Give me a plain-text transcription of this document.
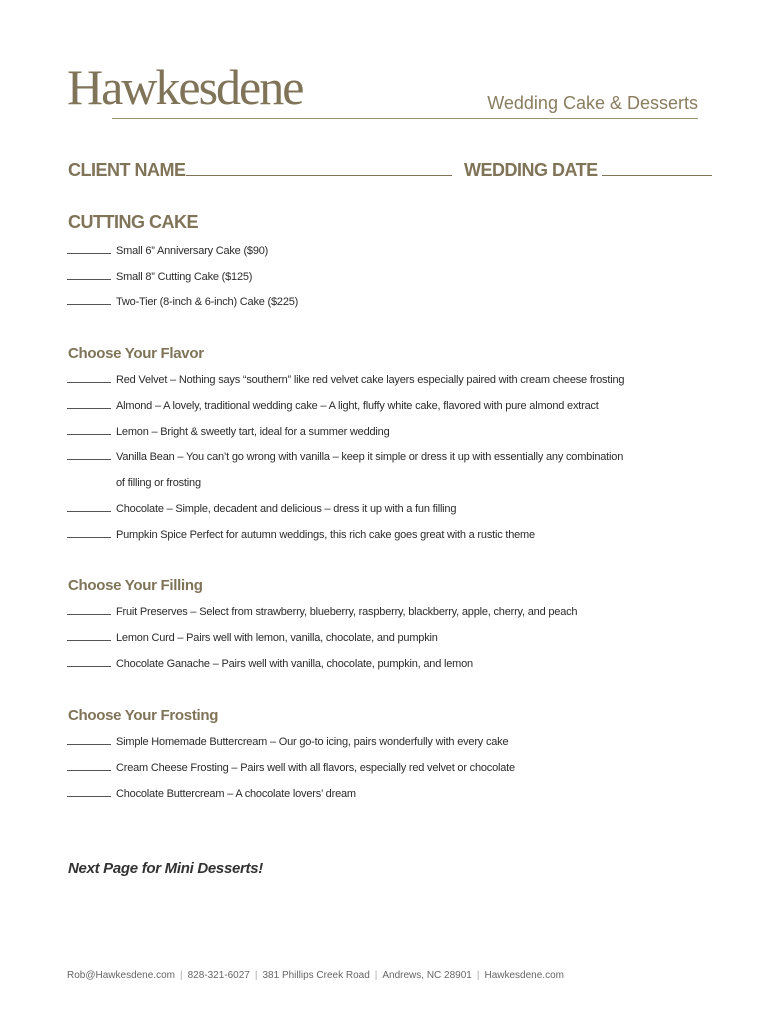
Hawkesdene	Wedding Cake & Desserts
CLIENT NAME	WEDDING DATE
CUTTING CAKE
Small 6” Anniversary Cake ($90)
Small 8” Cutting Cake ($125)
Two-Tier (8-inch & 6-inch) Cake ($225)
Choose Your Flavor
Red Velvet – Nothing says “southern” like red velvet cake layers especially paired with cream cheese frosting
Almond – A lovely, traditional wedding cake – A light, fluffy white cake, flavored with pure almond extract
Lemon – Bright & sweetly tart, ideal for a summer wedding
Vanilla Bean – You can’t go wrong with vanilla – keep it simple or dress it up with essentially any combination
of filling or frosting
Chocolate – Simple, decadent and delicious – dress it up with a fun filling
Pumpkin Spice Perfect for autumn weddings, this rich cake goes great with a rustic theme
Choose Your Filling
Fruit Preserves – Select from strawberry, blueberry, raspberry, blackberry, apple, cherry, and peach
Lemon Curd – Pairs well with lemon, vanilla, chocolate, and pumpkin
Chocolate Ganache – Pairs well with vanilla, chocolate, pumpkin, and lemon
Choose Your Frosting
Simple Homemade Buttercream – Our go-to icing, pairs wonderfully with every cake
Cream Cheese Frosting – Pairs well with all flavors, especially red velvet or chocolate
Chocolate Buttercream – A chocolate lovers’ dream
Next Page for Mini Desserts!
Rob@Hawkesdene.com | 828-321-6027 | 381 Phillips Creek Road | Andrews, NC 28901 | Hawkesdene.com
